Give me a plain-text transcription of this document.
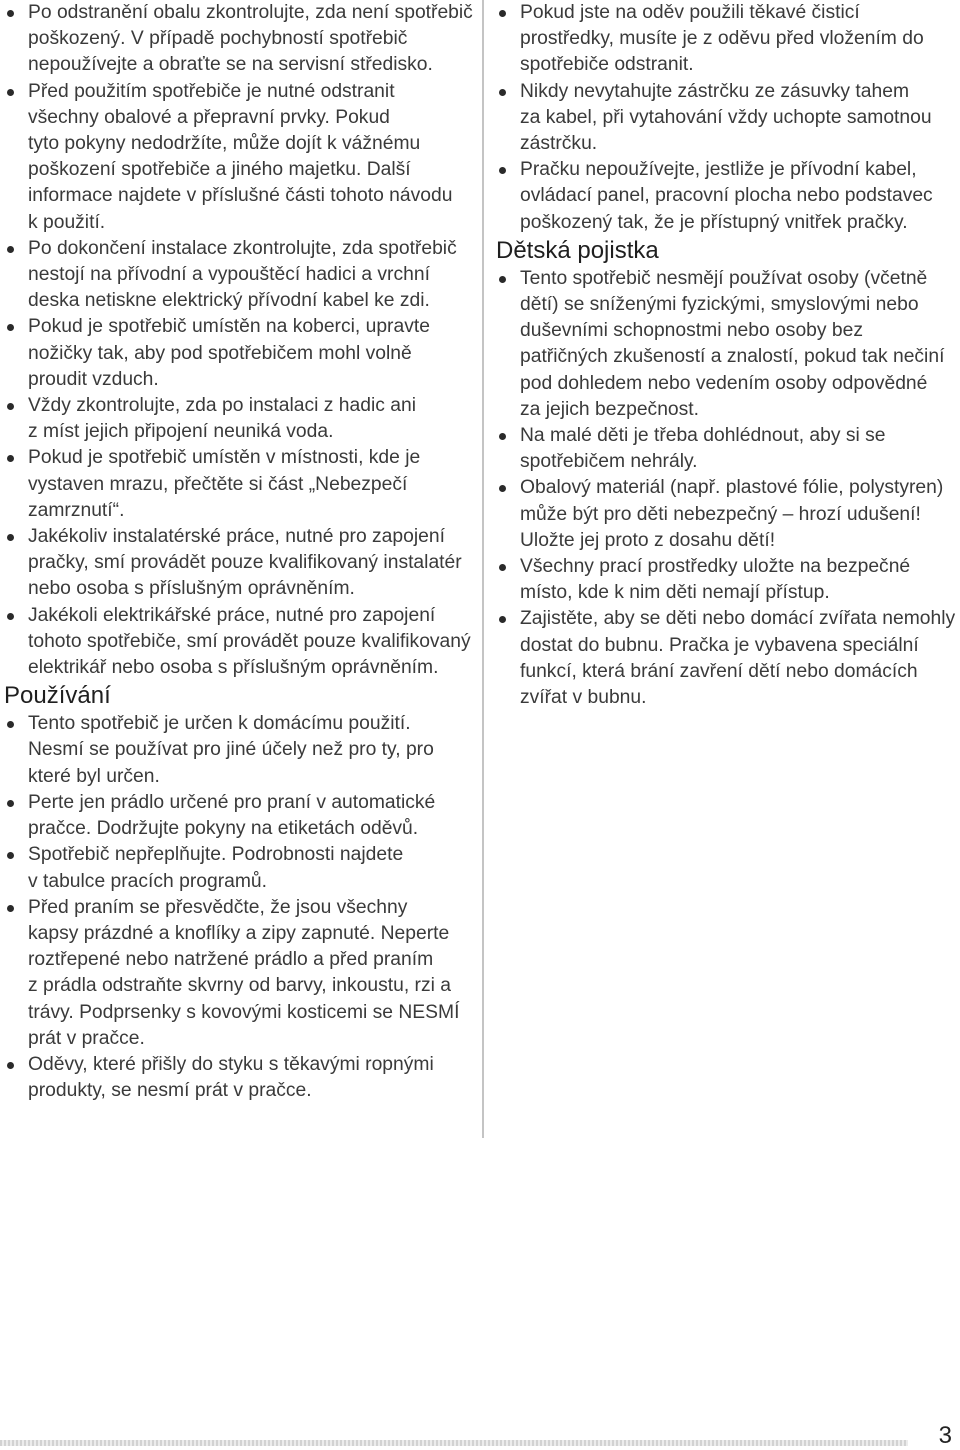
Po odstranění obalu zkontrolujte, zda není spotřebič
poškozený. V případě pochybností spotřebič
nepoužívejte a obraťte se na servisní středisko.
Před použitím spotřebiče je nutné odstranit
všechny obalové a přepravní prvky. Pokud
tyto pokyny nedodržíte, může dojít k vážnému
poškození spotřebiče a jiného majetku. Další
informace najdete v příslušné části tohoto návodu
k použití.
Po dokončení instalace zkontrolujte, zda spotřebič
nestojí na přívodní a vypouštěcí hadici a vrchní
deska netiskne elektrický přívodní kabel ke zdi.
Pokud je spotřebič umístěn na koberci, upravte
nožičky tak, aby pod spotřebičem mohl volně
proudit vzduch.
Vždy zkontrolujte, zda po instalaci z hadic ani
z míst jejich připojení neuniká voda.
Pokud je spotřebič umístěn v místnosti, kde je
vystaven mrazu, přečtěte si část „Nebezpečí
zamrznutí“.
Jakékoliv instalatérské práce, nutné pro zapojení
pračky, smí provádět pouze kvalifikovaný instalatér
nebo osoba s příslušným oprávněním.
Jakékoli elektrikářské práce, nutné pro zapojení
tohoto spotřebiče, smí provádět pouze kvalifikovaný
elektrikář nebo osoba s příslušným oprávněním.
Používání
Tento spotřebič je určen k domácímu použití.
Nesmí se používat pro jiné účely než pro ty, pro
které byl určen.
Perte jen prádlo určené pro praní v automatické
pračce. Dodržujte pokyny na etiketách oděvů.
Spotřebič nepřeplňujte. Podrobnosti najdete
v tabulce pracích programů.
Před praním se přesvědčte, že jsou všechny
kapsy prázdné a knoflíky a zipy zapnuté. Neperte
roztřepené nebo natržené prádlo a před praním
z prádla odstraňte skvrny od barvy, inkoustu, rzi a
trávy. Podprsenky s kovovými kosticemi se NESMÍ
prát v pračce.
Oděvy, které přišly do styku s těkavými ropnými
produkty, se nesmí prát v pračce.
Pokud jste na oděv použili těkavé čisticí
prostředky, musíte je z oděvu před vložením do
spotřebiče odstranit.
Nikdy nevytahujte zástrčku ze zásuvky tahem
za kabel, při vytahování vždy uchopte samotnou
zástrčku.
Pračku nepoužívejte, jestliže je přívodní kabel,
ovládací panel, pracovní plocha nebo podstavec
poškozený tak, že je přístupný vnitřek pračky.
Dětská pojistka
Tento spotřebič nesmějí používat osoby (včetně
dětí) se sníženými fyzickými, smyslovými nebo
duševními schopnostmi nebo osoby bez
patřičných zkušeností a znalostí, pokud tak nečiní
pod dohledem nebo vedením osoby odpovědné
za jejich bezpečnost.
Na malé děti je třeba dohlédnout, aby si se
spotřebičem nehrály.
Obalový materiál (např. plastové fólie, polystyren)
může být pro děti nebezpečný – hrozí udušení!
Uložte jej proto z dosahu dětí!
Všechny prací prostředky uložte na bezpečné
místo, kde k nim děti nemají přístup.
Zajistěte, aby se děti nebo domácí zvířata nemohly
dostat do bubnu. Pračka je vybavena speciální
funkcí, která brání zavření dětí nebo domácích
zvířat v bubnu.
3
